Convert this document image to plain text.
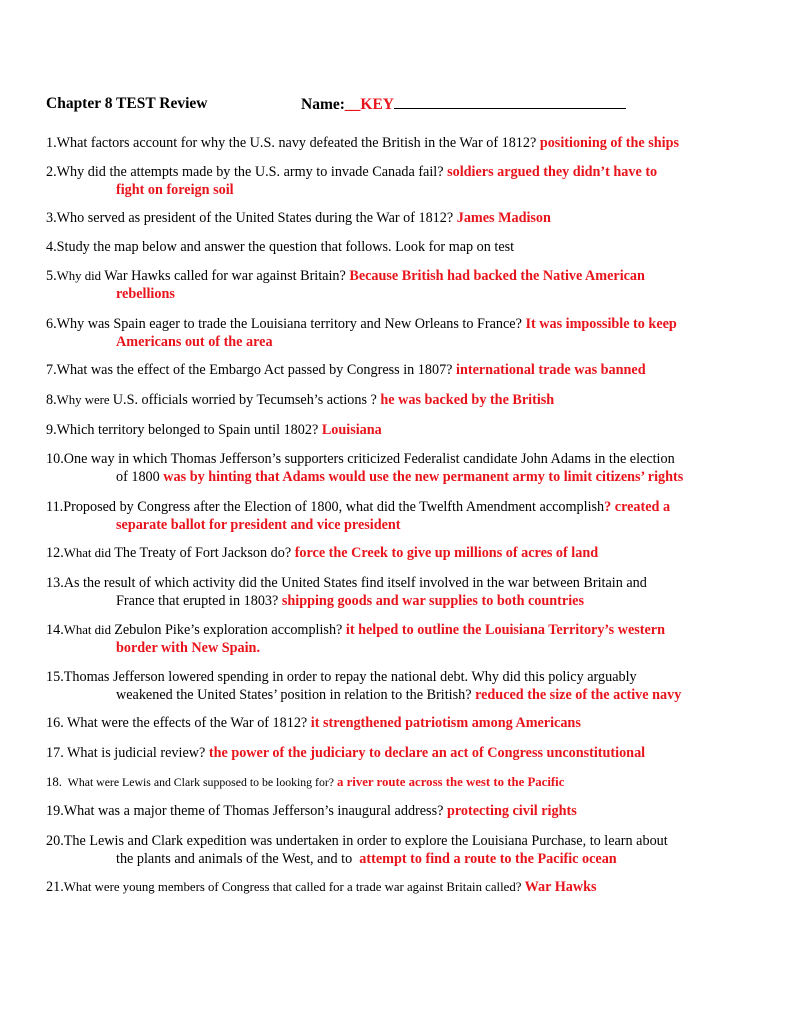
Chapter 8 TEST Review	Name:__KEY
1.What factors account for why the U.S. navy defeated the British in the War of 1812? positioning of the ships
2.Why did the attempts made by the U.S. army to invade Canada fail? soldiers argued they didn’t have to
fight on foreign soil
3.Who served as president of the United States during the War of 1812? James Madison
4.Study the map below and answer the question that follows. Look for map on test
5.Why did War Hawks called for war against Britain? Because British had backed the Native American
rebellions
6.Why was Spain eager to trade the Louisiana territory and New Orleans to France? It was impossible to keep
Americans out of the area
7.What was the effect of the Embargo Act passed by Congress in 1807? international trade was banned
8.Why were U.S. officials worried by Tecumseh’s actions ? he was backed by the British
9.Which territory belonged to Spain until 1802? Louisiana
10.One way in which Thomas Jefferson’s supporters criticized Federalist candidate John Adams in the election
of 1800 was by hinting that Adams would use the new permanent army to limit citizens’ rights
11.Proposed by Congress after the Election of 1800, what did the Twelfth Amendment accomplish? created a
separate ballot for president and vice president
12.What did The Treaty of Fort Jackson do? force the Creek to give up millions of acres of land
13.As the result of which activity did the United States find itself involved in the war between Britain and
France that erupted in 1803? shipping goods and war supplies to both countries
14.What did Zebulon Pike’s exploration accomplish? it helped to outline the Louisiana Territory’s western
border with New Spain.
15.Thomas Jefferson lowered spending in order to repay the national debt. Why did this policy arguably
weakened the United States’ position in relation to the British? reduced the size of the active navy
16. What were the effects of the War of 1812? it strengthened patriotism among Americans
17. What is judicial review? the power of the judiciary to declare an act of Congress unconstitutional
18.  What were Lewis and Clark supposed to be looking for? a river route across the west to the Pacific
19.What was a major theme of Thomas Jefferson’s inaugural address? protecting civil rights
20.The Lewis and Clark expedition was undertaken in order to explore the Louisiana Purchase, to learn about
the plants and animals of the West, and to  attempt to find a route to the Pacific ocean
21.What were young members of Congress that called for a trade war against Britain called? War Hawks
